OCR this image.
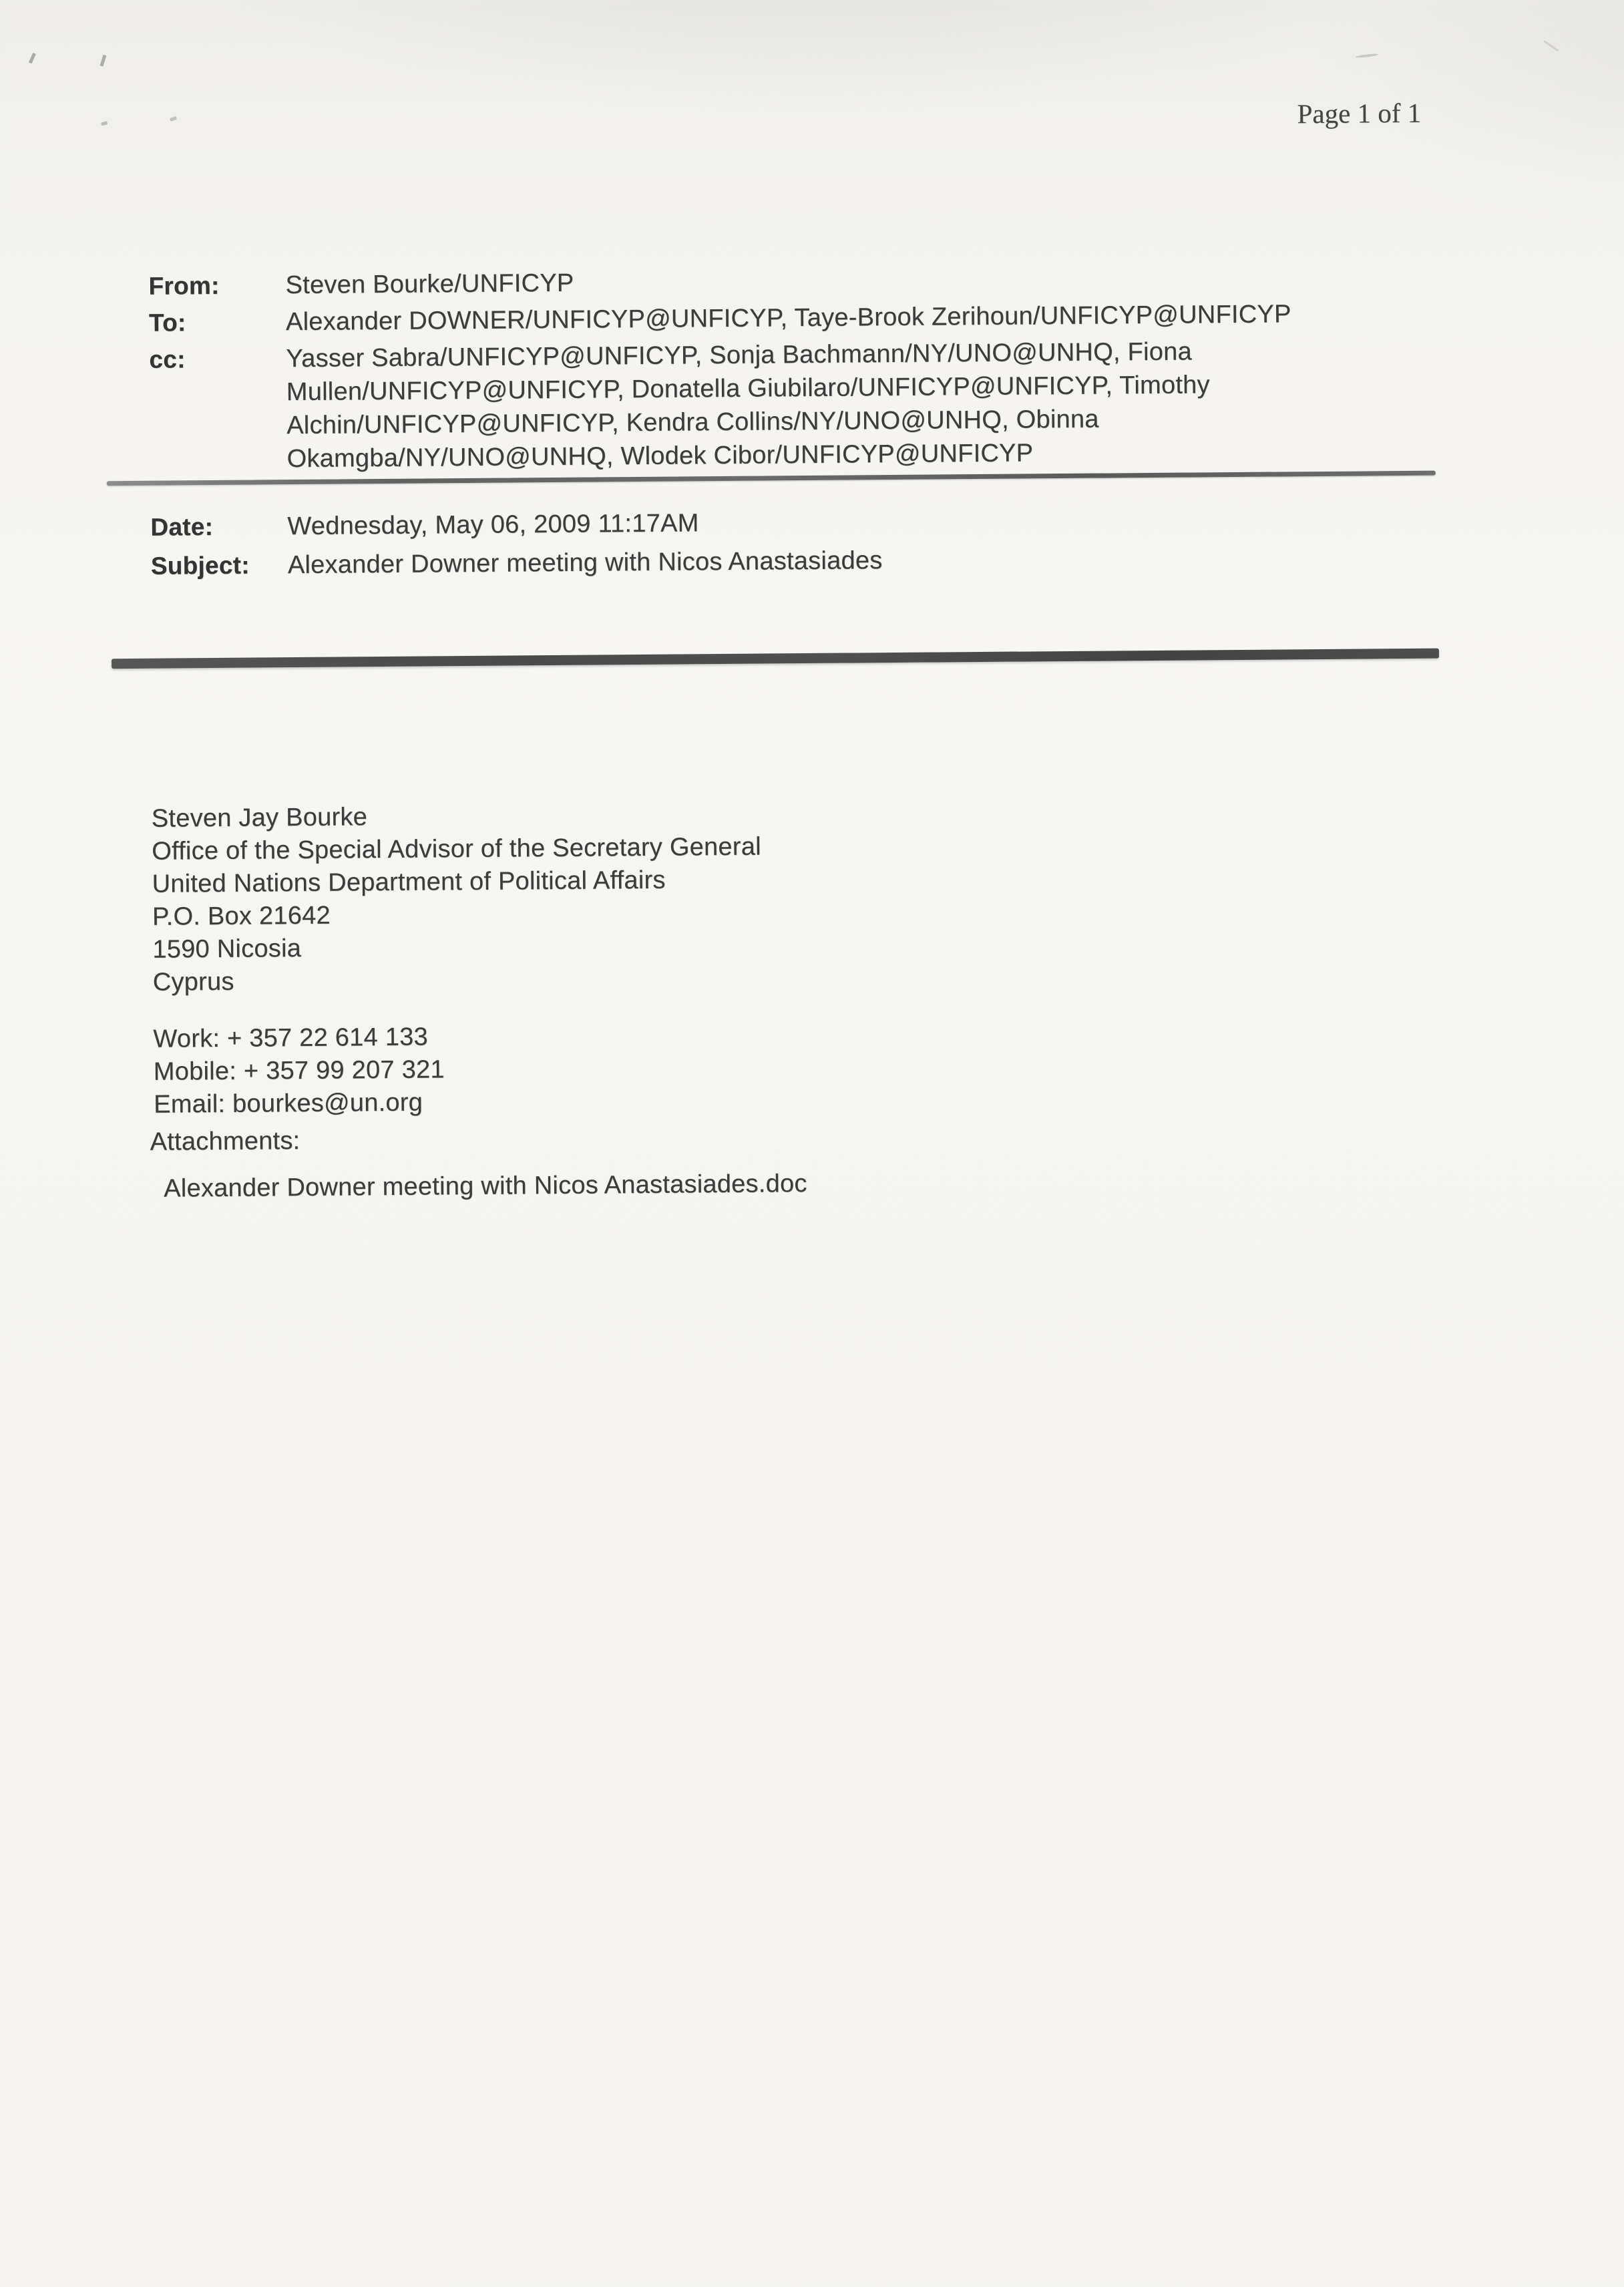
Page 1 of 1
From:	Steven Bourke/UNFICYP
To:	Alexander DOWNER/UNFICYP@UNFICYP, Taye-Brook Zerihoun/UNFICYP@UNFICYP
cc:	Yasser Sabra/UNFICYP@UNFICYP, Sonja Bachmann/NY/UNO@UNHQ, Fiona Mullen/UNFICYP@UNFICYP, Donatella Giubilaro/UNFICYP@UNFICYP, Timothy Alchin/UNFICYP@UNFICYP, Kendra Collins/NY/UNO@UNHQ, Obinna Okamgba/NY/UNO@UNHQ, Wlodek Cibor/UNFICYP@UNFICYP
Date:	Wednesday, May 06, 2009 11:17AM
Subject:	Alexander Downer meeting with Nicos Anastasiades
Steven Jay Bourke
Office of the Special Advisor of the Secretary General
United Nations Department of Political Affairs
P.O. Box 21642
1590 Nicosia
Cyprus
Work: + 357 22 614 133
Mobile: + 357 99 207 321
Email: bourkes@un.org
Attachments:
Alexander Downer meeting with Nicos Anastasiades.doc
